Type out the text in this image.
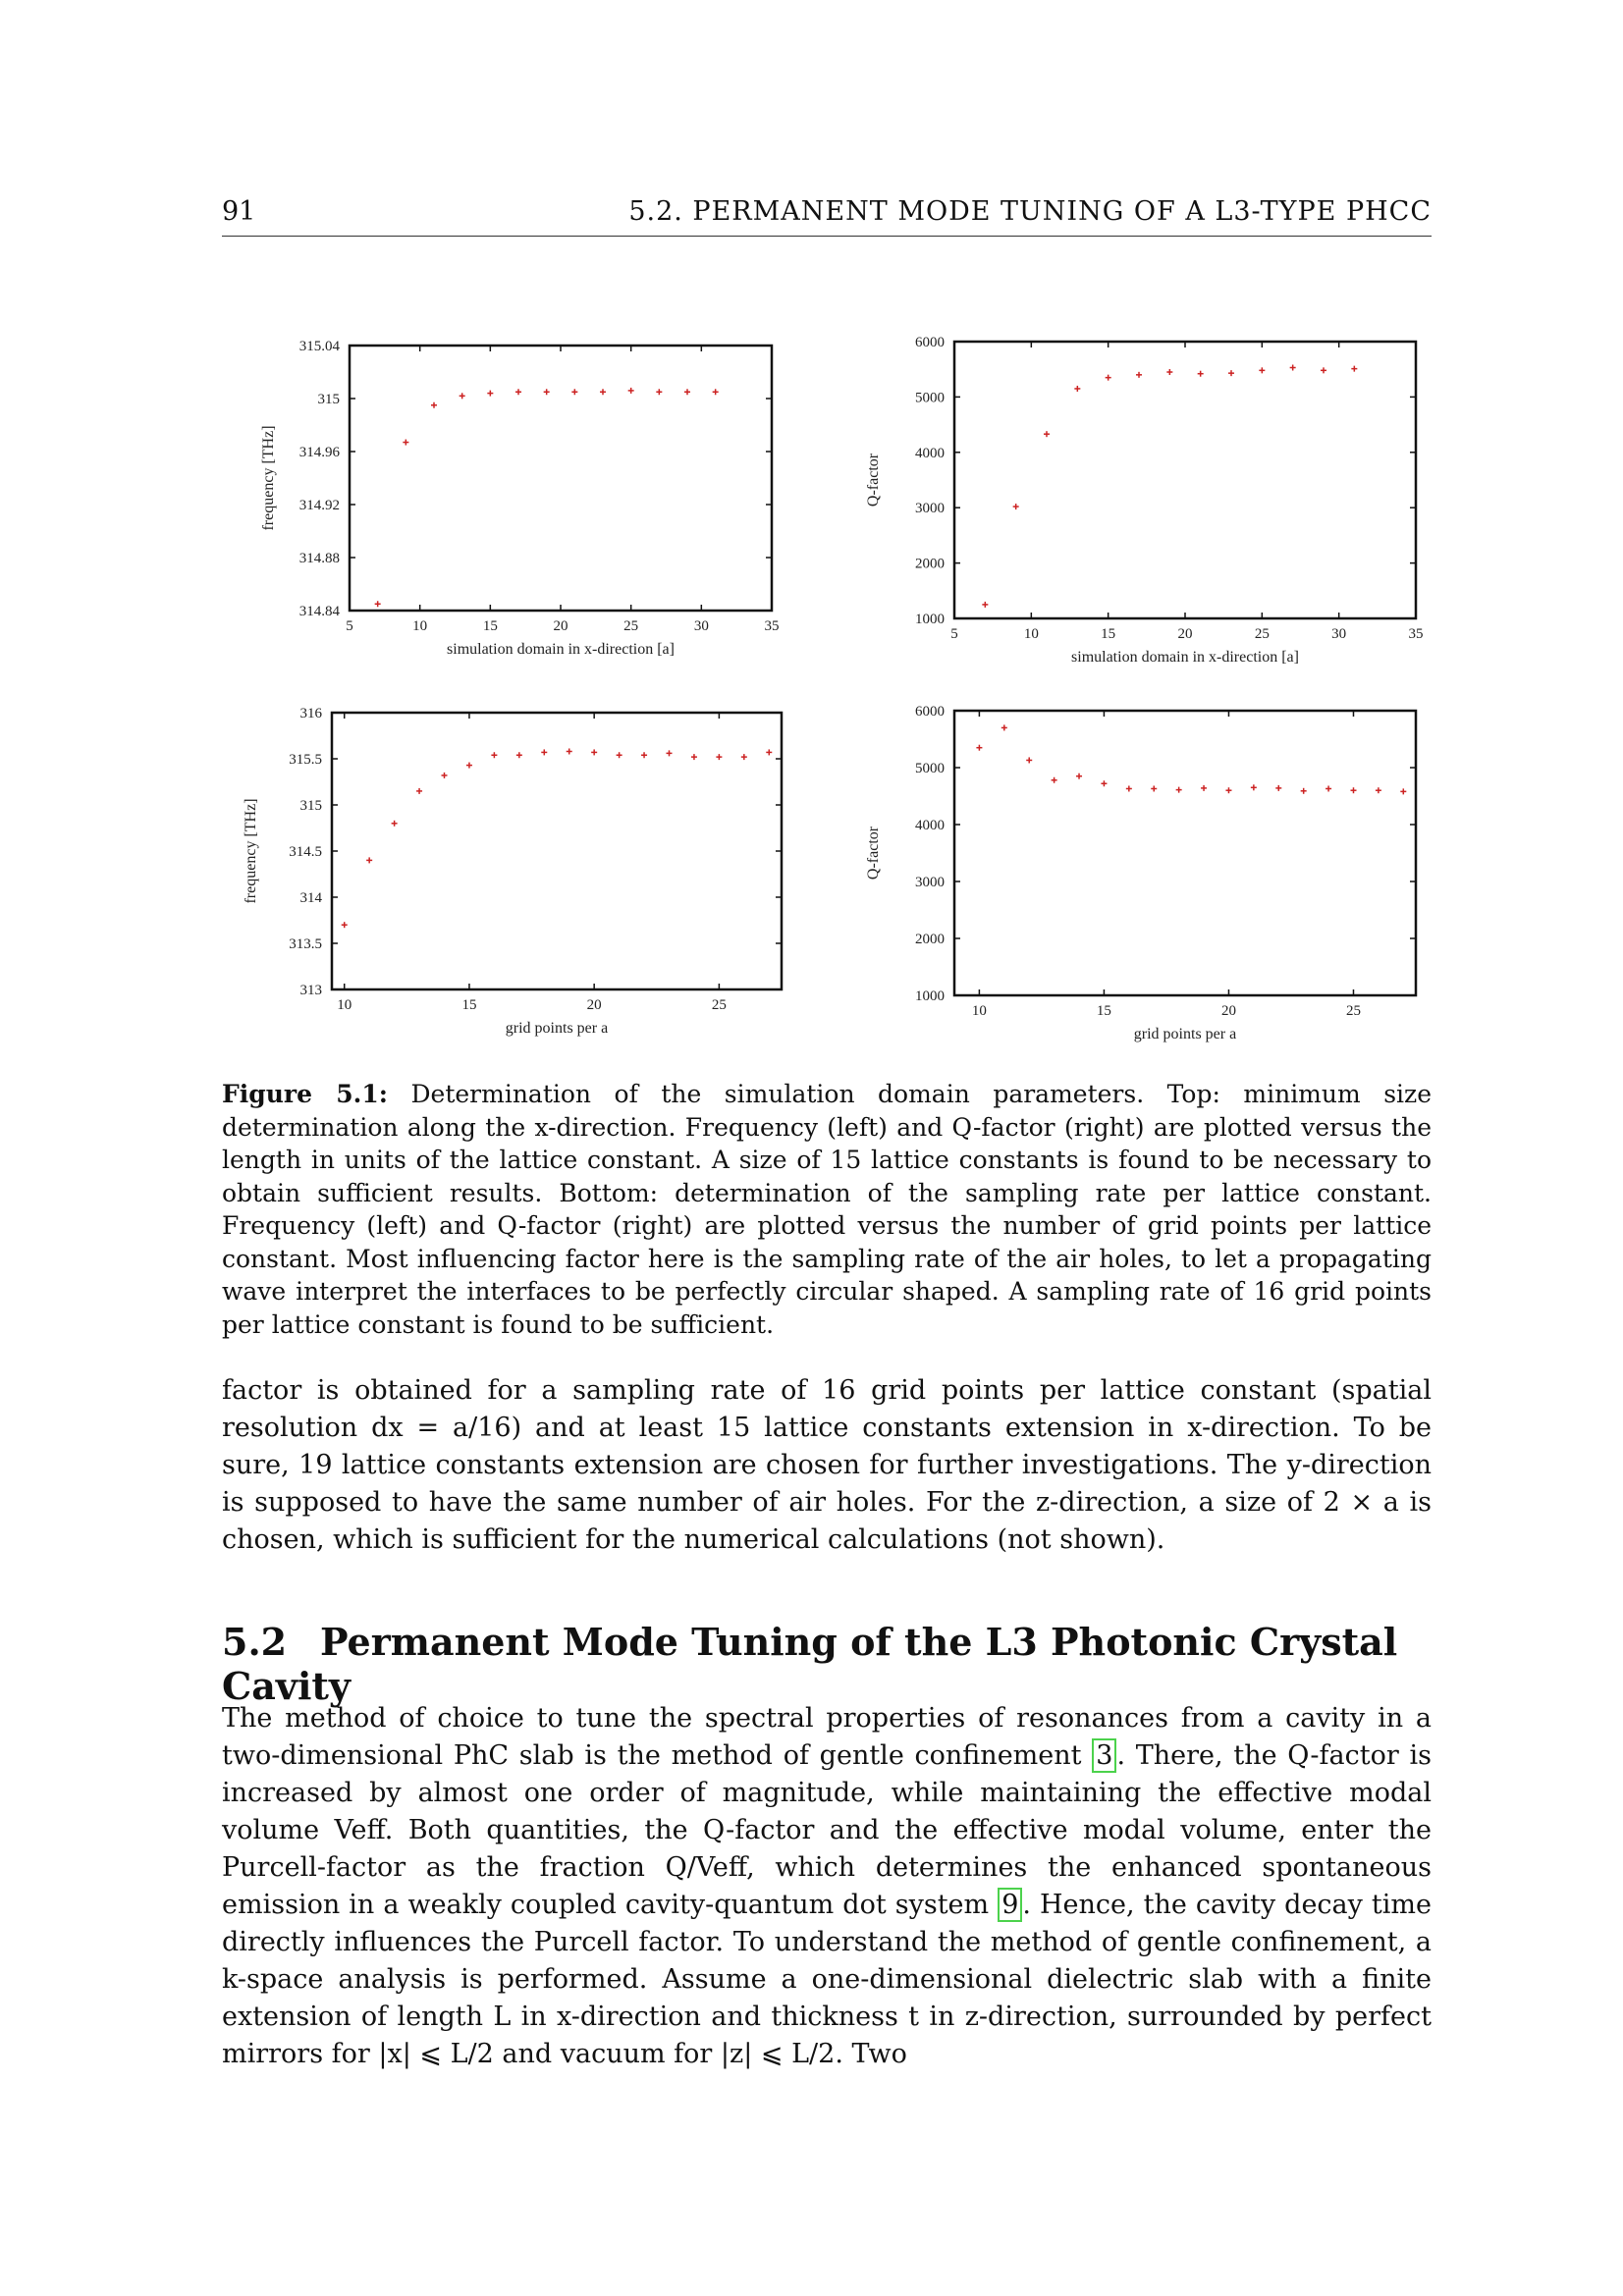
91	5.2. PERMANENT MODE TUNING OF A L3-TYPE PHCC
5	10	15	20	25	30	35
314.84
314.88
314.92
314.96
315
315.04
simulation domain in x-direction [a]
frequency [THz]
5	10	15	20	25	30	35
1000
2000
3000
4000
5000
6000
simulation domain in x-direction [a]
Q-factor
10	15	20	25
313
313.5
314
314.5
315
315.5
316
grid points per a
frequency [THz]
10	15	20	25
1000
2000
3000
4000
5000
6000
grid points per a
Q-factor
Figure 5.1: Determination of the simulation domain parameters. Top: minimum size determination along the x-direction. Frequency (left) and Q-factor (right) are plotted versus the length in units of the lattice constant. A size of 15 lattice constants is found to be necessary to obtain sufficient results. Bottom: determination of the sampling rate per lattice constant. Frequency (left) and Q-factor (right) are plotted versus the number of grid points per lattice constant. Most influencing factor here is the sampling rate of the air holes, to let a propagating wave interpret the interfaces to be perfectly circular shaped. A sampling rate of 16 grid points per lattice constant is found to be sufficient.
factor is obtained for a sampling rate of 16 grid points per lattice constant (spatial resolution dx = a/16) and at least 15 lattice constants extension in x-direction. To be sure, 19 lattice constants extension are chosen for further investigations. The y-direction is supposed to have the same number of air holes. For the z-direction, a size of 2 × a is chosen, which is sufficient for the numerical calculations (not shown).
5.2 Permanent Mode Tuning of the L3 Photonic Crystal Cavity
The method of choice to tune the spectral properties of resonances from a cavity in a two-dimensional PhC slab is the method of gentle confinement 3 . There, the Q-factor is increased by almost one order of magnitude, while maintaining the effective modal volume Veff. Both quantities, the Q-factor and the effective modal volume, enter the Purcell-factor as the fraction Q/Veff, which determines the enhanced spontaneous emission in a weakly coupled cavity-quantum dot system 9 . Hence, the cavity decay time directly influences the Purcell factor. To understand the method of gentle confinement, a k-space analysis is performed. Assume a one-dimensional dielectric slab with a finite extension of length L in x-direction and thickness t in z-direction, surrounded by perfect mirrors for |x| ⩽ L/2 and vacuum for |z| ⩽ L/2. Two
